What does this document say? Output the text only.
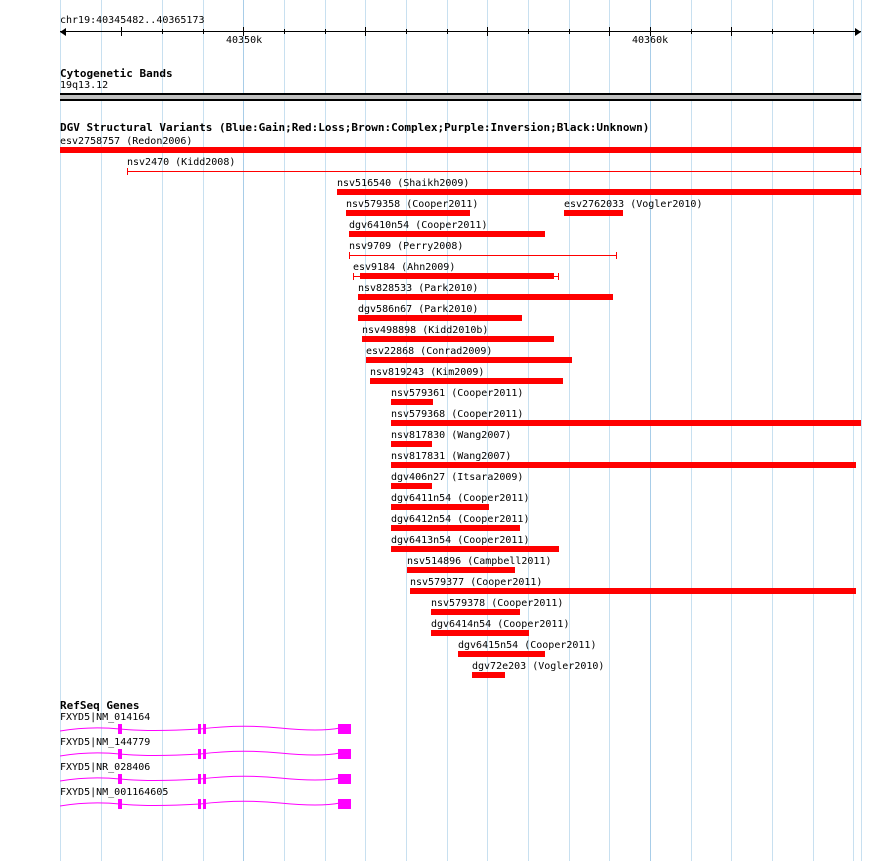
chr19:40345482..40365173
40350k	40360k
Cytogenetic Bands
19q13.12
DGV Structural Variants (Blue:Gain;Red:Loss;Brown:Complex;Purple:Inversion;Black:Unknown)
esv2758757 (Redon2006)
nsv2470 (Kidd2008)
nsv516540 (Shaikh2009)
nsv579358 (Cooper2011)	esv2762033 (Vogler2010)
dgv6410n54 (Cooper2011)
nsv9709 (Perry2008)
esv9184 (Ahn2009)
nsv828533 (Park2010)
dgv586n67 (Park2010)
nsv498898 (Kidd2010b)
esv22868 (Conrad2009)
nsv819243 (Kim2009)
nsv579361 (Cooper2011)
nsv579368 (Cooper2011)
nsv817830 (Wang2007)
nsv817831 (Wang2007)
dgv406n27 (Itsara2009)
dgv6411n54 (Cooper2011)
dgv6412n54 (Cooper2011)
dgv6413n54 (Cooper2011)
nsv514896 (Campbell2011)
nsv579377 (Cooper2011)
nsv579378 (Cooper2011)
dgv6414n54 (Cooper2011)
dgv6415n54 (Cooper2011)
dgv72e203 (Vogler2010)
RefSeq Genes
FXYD5|NM_014164
FXYD5|NM_144779
FXYD5|NR_028406
FXYD5|NM_001164605
